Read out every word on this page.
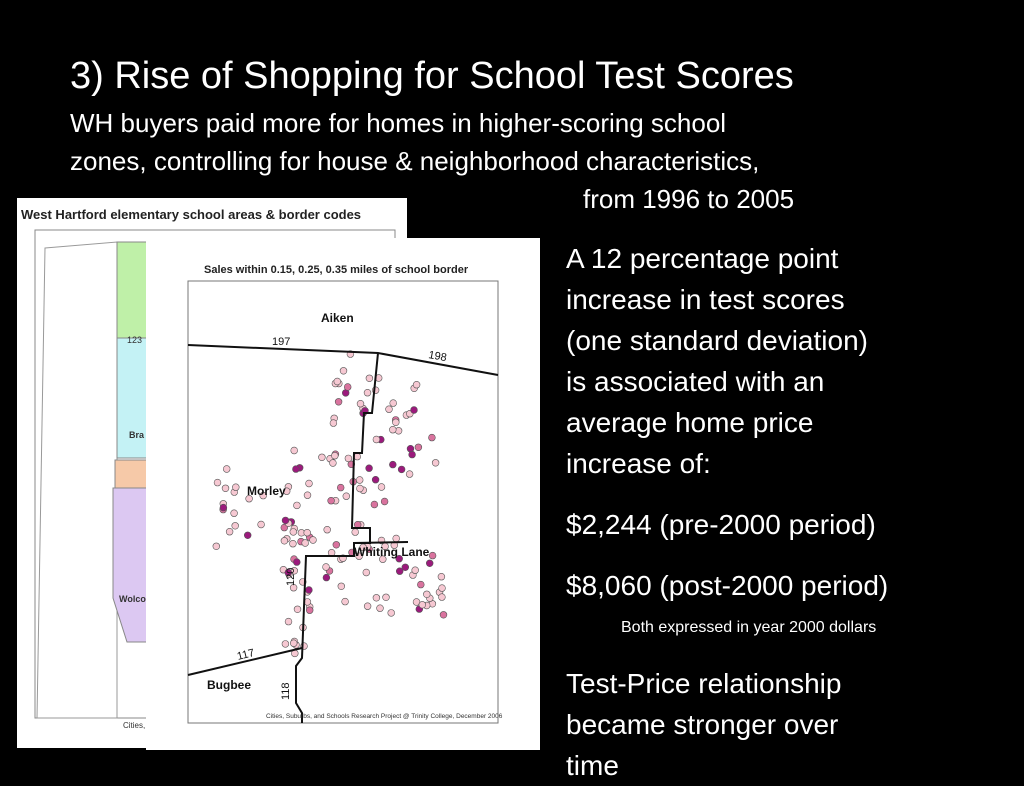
3) Rise of Shopping for School Test Scores
WH buyers paid more for homes in higher-scoring school
zones, controlling for house & neighborhood characteristics,
from 1996 to 2005
West Hartford elementary school areas & border codes
123
Bra
Wolco
Cities,
Sales within 0.15, 0.25, 0.35 miles of school border
Aiken
Morley
Whiting Lane
Bugbee
197
198
120
117
118
Cities, Suburbs, and Schools Research Project @ Trinity College, December 2006
A 12 percentage point
increase in test scores
(one standard deviation)
is associated with an
average home price
increase of:
$2,244 (pre-2000 period)
$8,060 (post-2000 period)
Both expressed in year 2000 dollars
Test-Price relationship
became stronger over
time
